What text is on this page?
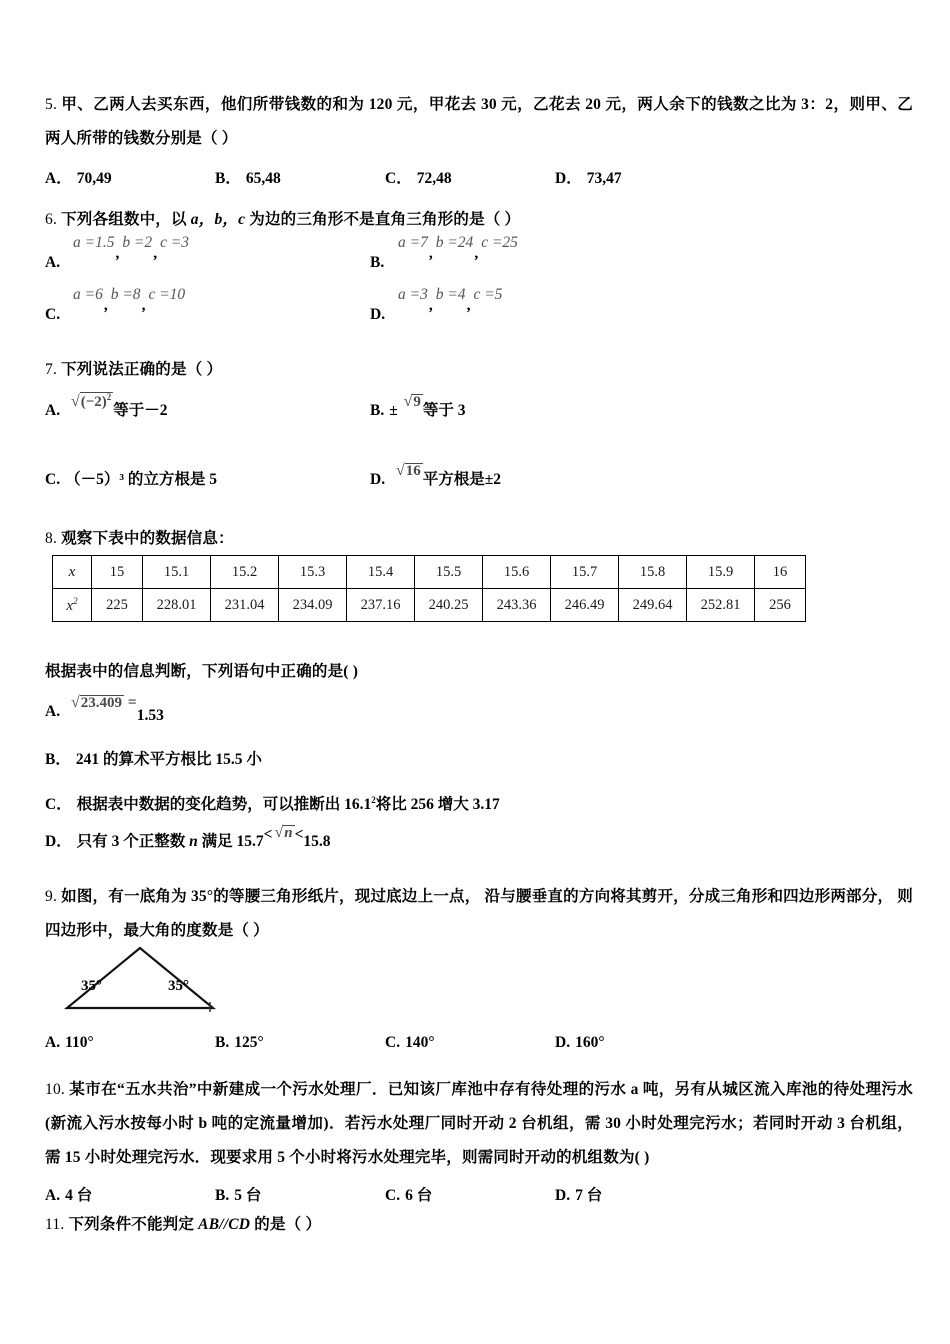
5. 甲、乙两人去买东西，他们所带钱数的和为 120 元，甲花去 30 元，乙花去 20 元，两人余下的钱数之比为 3：2，则甲、乙两人所带的钱数分别是（ ）
A． 70,49	B． 65,48	C． 72,48	D． 73,47
6. 下列各组数中，以 a，b，c 为边的三角形不是直角三角形的是（ ）
A.
a =1.5,b =2,c =3
B.
a =7,b =24,c =25
C.
a =6,b =8,c =10
D.
a =3,b =4,c =5
7. 下列说法正确的是（ ）
A. $√(-2)^2$等于－2	B. ± √9 等于 3
C. （－5）³ 的立方根是 5	D. √16 平方根是±2
8. 观察下表中的数据信息：
x	15	15.1	15.2	15.3	15.4	15.5	15.6	15.7	15.8	15.9	16
$x^2$	225	228.01	231.04	234.09	237.16	240.25	243.36	246.49	249.64	252.81	256
根据表中的信息判断，下列语句中正确的是( )
A. √23.409 =1.53
B． 241 的算术平方根比 15.5 小
C． 根据表中数据的变化趋势，可以推断出 16.1$^2$将比 256 增大 3.17
D． 只有 3 个正整数 n 满足 15.7< √n <15.8
9. 如图，有一底角为 35°的等腰三角形纸片，现过底边上一点， 沿与腰垂直的方向将其剪开，分成三角形和四边形两部分， 则四边形中，最大角的度数是（ ）
35°	35°
A. 110°	B. 125°	C. 140°	D. 160°
10. 某市在“五水共治”中新建成一个污水处理厂．已知该厂库池中存有待处理的污水 a 吨，另有从城区流入库池的待处理污水(新流入污水按每小时 b 吨的定流量增加)．若污水处理厂同时开动 2 台机组，需 30 小时处理完污水；若同时开动 3 台机组，需 15 小时处理完污水．现要求用 5 个小时将污水处理完毕，则需同时开动的机组数为( )
A. 4 台	B. 5 台	C. 6 台	D. 7 台
11. 下列条件不能判定 AB//CD 的是（ ）
